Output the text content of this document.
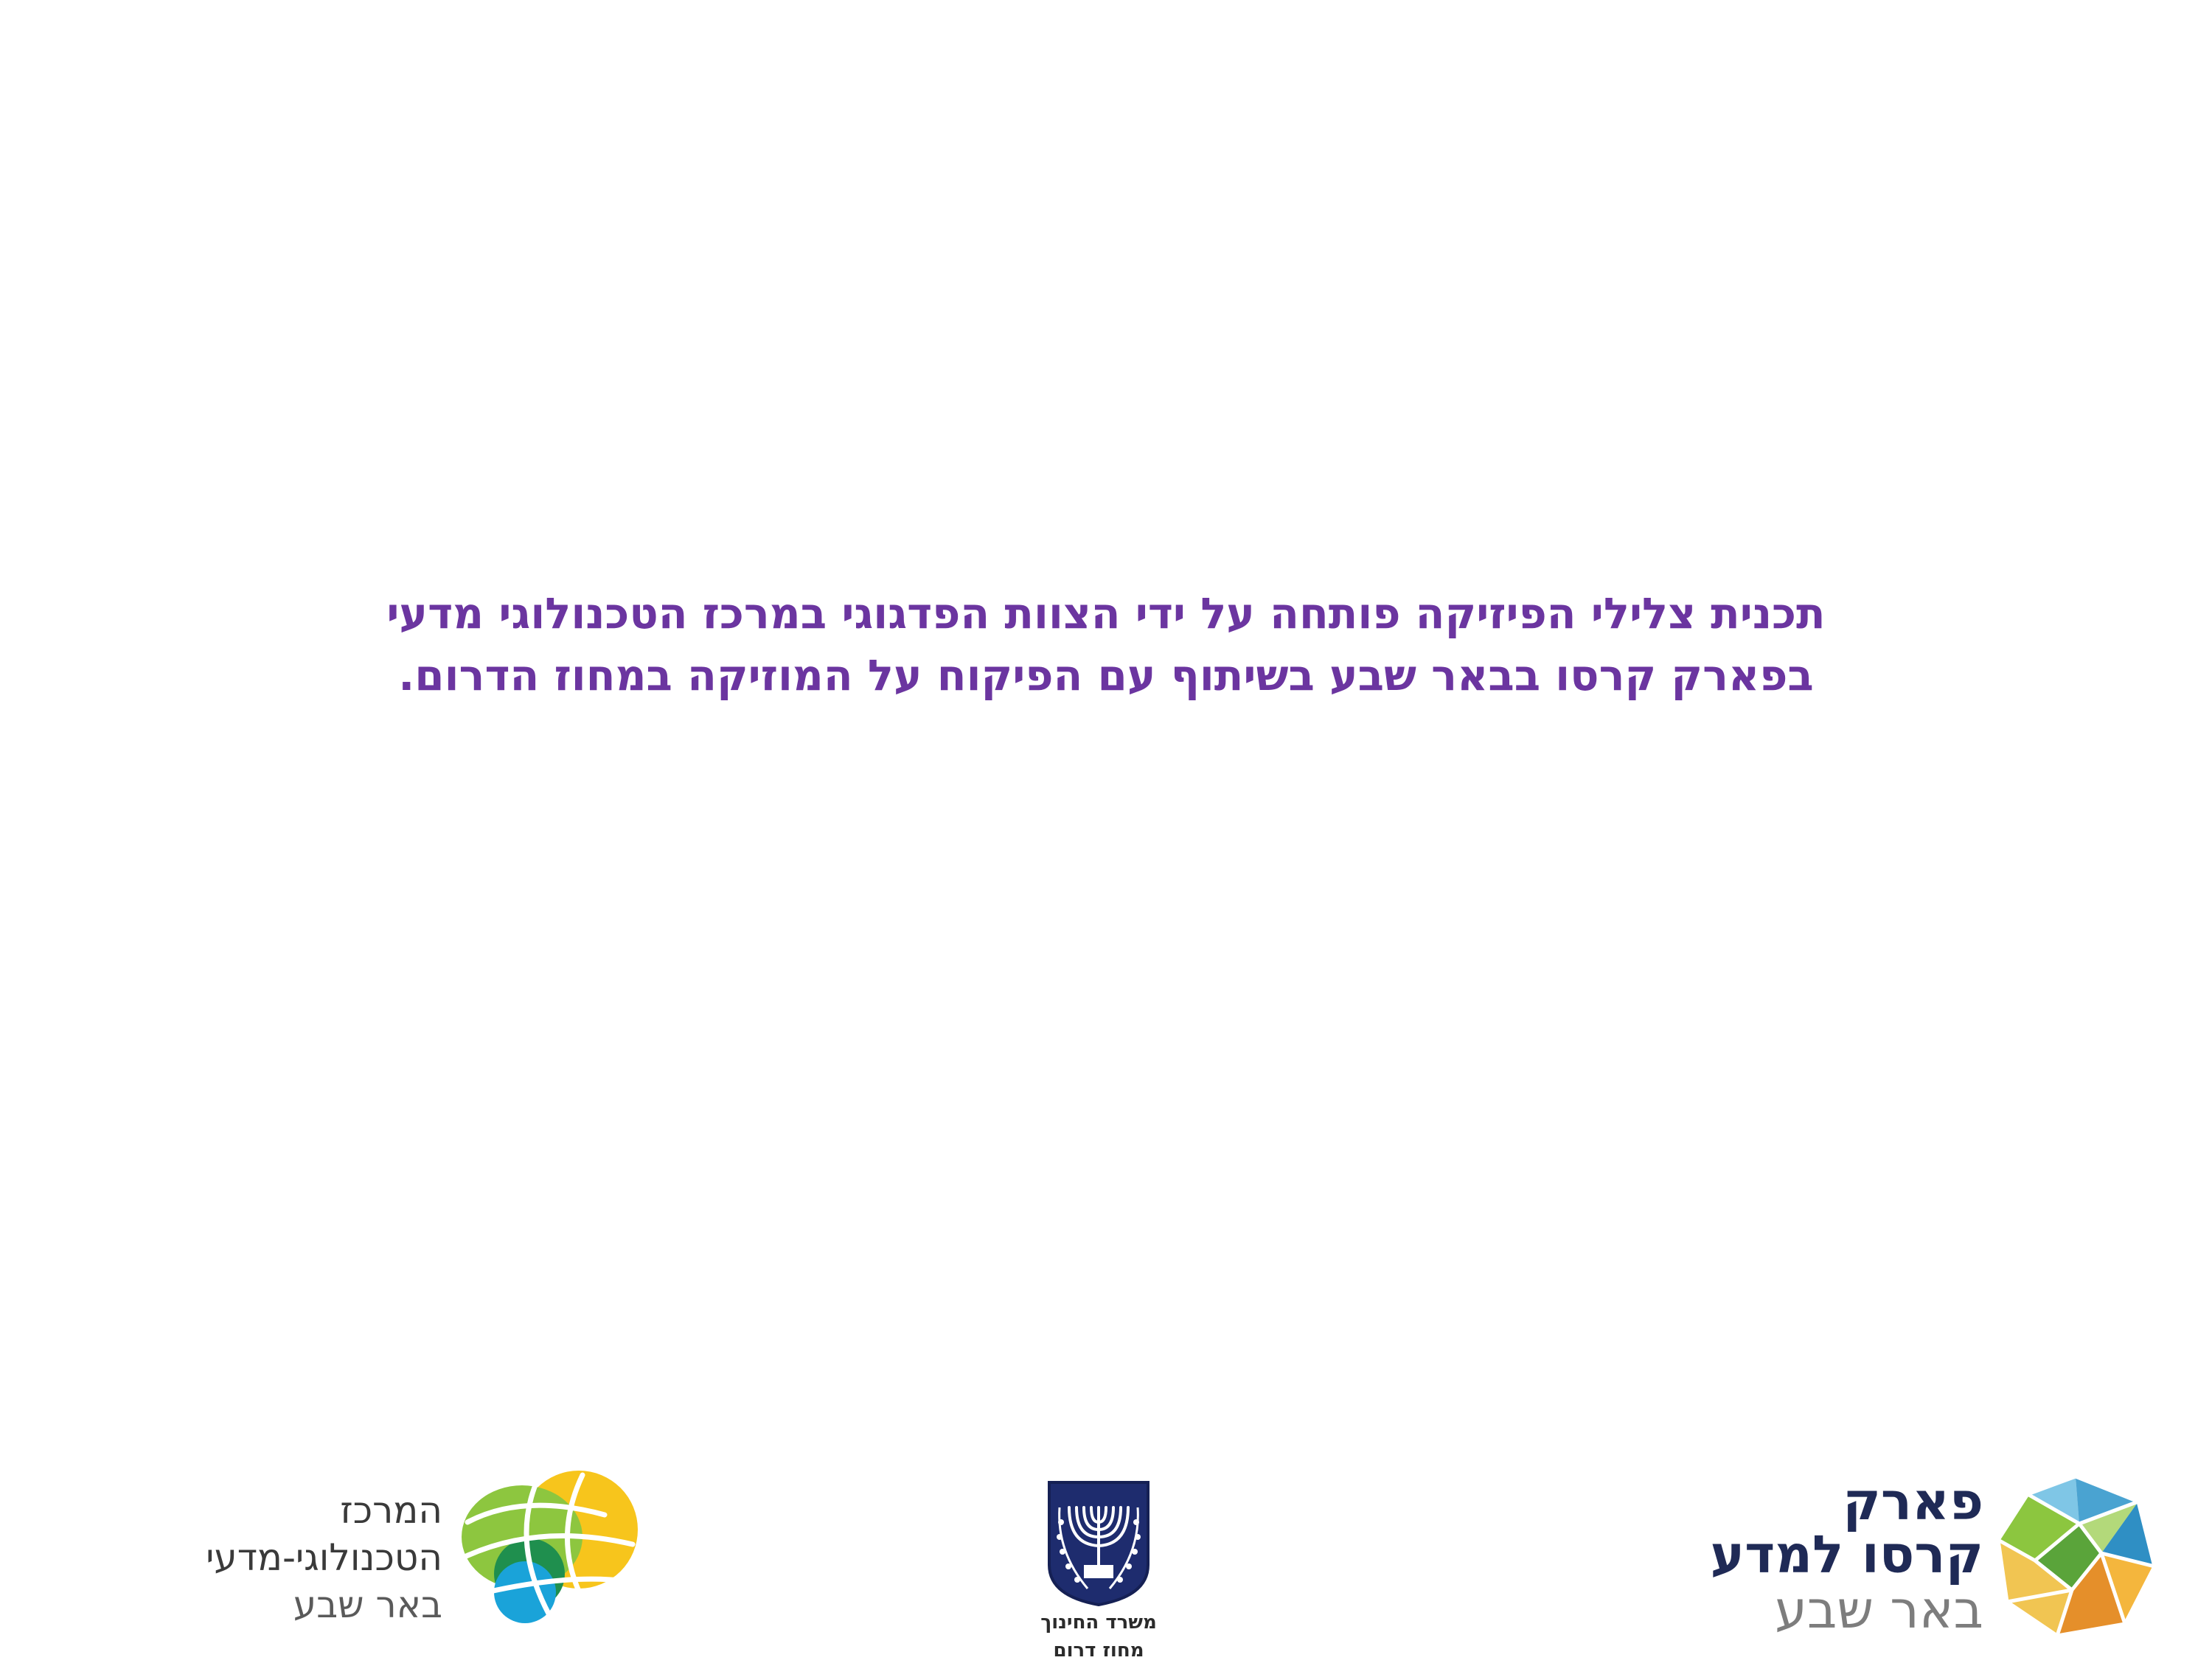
תכנית צלילי הפיזיקה פותחה על ידי הצוות הפדגוגי במרכז הטכנולוגי מדעי
בפארק קרסו בבאר שבע בשיתוף עם הפיקוח על המוזיקה במחוז הדרום.
המרכז
הטכנולוגי-מדעי
באר שבע	משרד החינוך
מחוז דרום
פארק
קרסו למדע
באר שבע
